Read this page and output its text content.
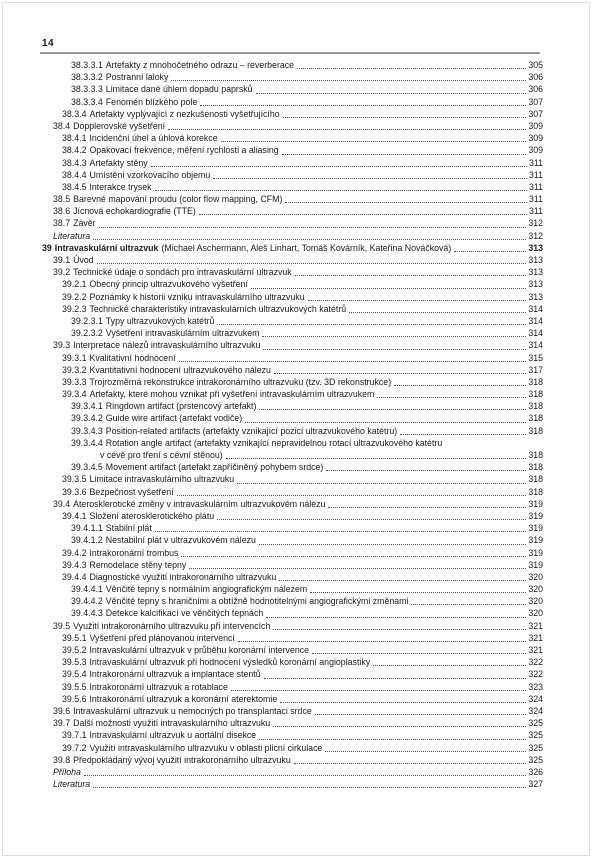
14
38.3.3.1 Artefakty z mnohočetného odrazu – reverberace	305
38.3.3.2 Postranní laloky	306
38.3.3.3 Limitace dané úhlem dopadu paprsků	306
38.3.3.4 Fenomén blízkého pole	307
38.3.4 Artefakty vyplývající z nezkušenosti vyšetřujícího	307
38.4 Dopplerovské vyšetření	309
38.4.1 Incidenční úhel a úhlová korekce	309
38.4.2 Opakovací frekvence, měření rychlosti a aliasing	309
38.4.3 Artefakty stěny	311
38.4.4 Umístění vzorkovacího objemu	311
38.4.5 Interakce trysek	311
38.5 Barevné mapování proudu (color flow mapping, CFM)	311
38.6 Jícnová echokardiografie (TTE)	311
38.7 Závěr	312
Literatura	312
39 Intravaskulární ultrazvuk (Michael Aschermann, Aleš Linhart, Tomáš Kovárník, Kateřina Nováčková)	313
39.1 Úvod	313
39.2 Technické údaje o sondách pro intravaskulární ultrazvuk	313
39.2.1 Obecný princip ultrazvukového vyšetření	313
39.2.2 Poznámky k historii vzniku intravaskulárního ultrazvuku	313
39.2.3 Technické charakteristiky intravaskulárních ultrazvukových katétrů	314
39.2.3.1 Typy ultrazvukových katétrů	314
39.2.3.2 Vyšetření intravaskulárním ultrazvukem	314
39.3 Interpretace nálezů intravaskulárního ultrazvuku	314
39.3.1 Kvalitativní hodnocení	315
39.3.2 Kvantitativní hodnocení ultrazvukového nálezu	317
39.3.3 Trojrozměrná rekonstrukce intrakoronárního ultrazvuku (tzv. 3D rekonstrukce)	318
39.3.4 Artefakty, které mohou vznikat při vyšetření intravaskulárním ultrazvukem	318
39.3.4.1 Ringdown artifact (prstencový artefakt)	318
39.3.4.2 Guide wire artifact (artefakt vodiče)	318
39.3.4.3 Position-related artifacts (artefakty vznikající pozicí ultrazvukového katétru)	318
39.3.4.4 Rotation angle artifact (artefakty vznikající nepravidelnou rotací ultrazvukového katétru
v cévě pro tření s cévní stěnou)	318
39.3.4.5 Movement artifact (artefakt zapříčiněný pohybem srdce)	318
39.3.5 Limitace intravaskulárního ultrazvuku	318
39.3.6 Bezpečnost vyšetření	318
39.4 Aterosklerotické změny v intravaskulárním ultrazvukovém nálezu	319
39.4.1 Složení aterosklerotického plátu	319
39.4.1.1 Stabilní plát	319
39.4.1.2 Nestabilní plát v ultrazvukovém nálezu	319
39.4.2 Intrakoronární trombus	319
39.4.3 Remodelace stěny tepny	319
39.4.4 Diagnostické využití intrakoronárního ultrazvuku	320
39.4.4.1 Věnčité tepny s normálním angiografickým nálezem	320
39.4.4.2 Věnčité tepny s hraničními a obtížně hodnotitelnými angiografickými změnami	320
39.4.4.3 Detekce kalcifikací ve věnčitých tepnách	320
39.5 Využití intrakoronárního ultrazvuku při intervencích	321
39.5.1 Vyšetření před plánovanou intervencí	321
39.5.2 Intravaskulární ultrazvuk v průběhu koronární intervence	321
39.5.3 Intravaskulární ultrazvuk při hodnocení výsledků koronární angioplastiky	322
39.5.4 Intrakoronární ultrazvuk a implantace stentů	322
39.5.5 Intrakoronární ultrazvuk a rotablace	323
39.5.6 Intrakoronární ultrazvuk a koronární aterektomie	324
39.6 Intravaskulární ultrazvuk u nemocných po transplantaci srdce	324
39.7 Další možnosti využití intravaskulárního ultrazvuku	325
39.7.1 Intravaskulární ultrazvuk u aortální disekce	325
39.7.2 Využití intravaskulárního ultrazvuku v oblasti plicní cirkulace	325
39.8 Předpokládaný vývoj využití intrakoronárního ultrazvuku	325
Příloha	326
Literatura	327
